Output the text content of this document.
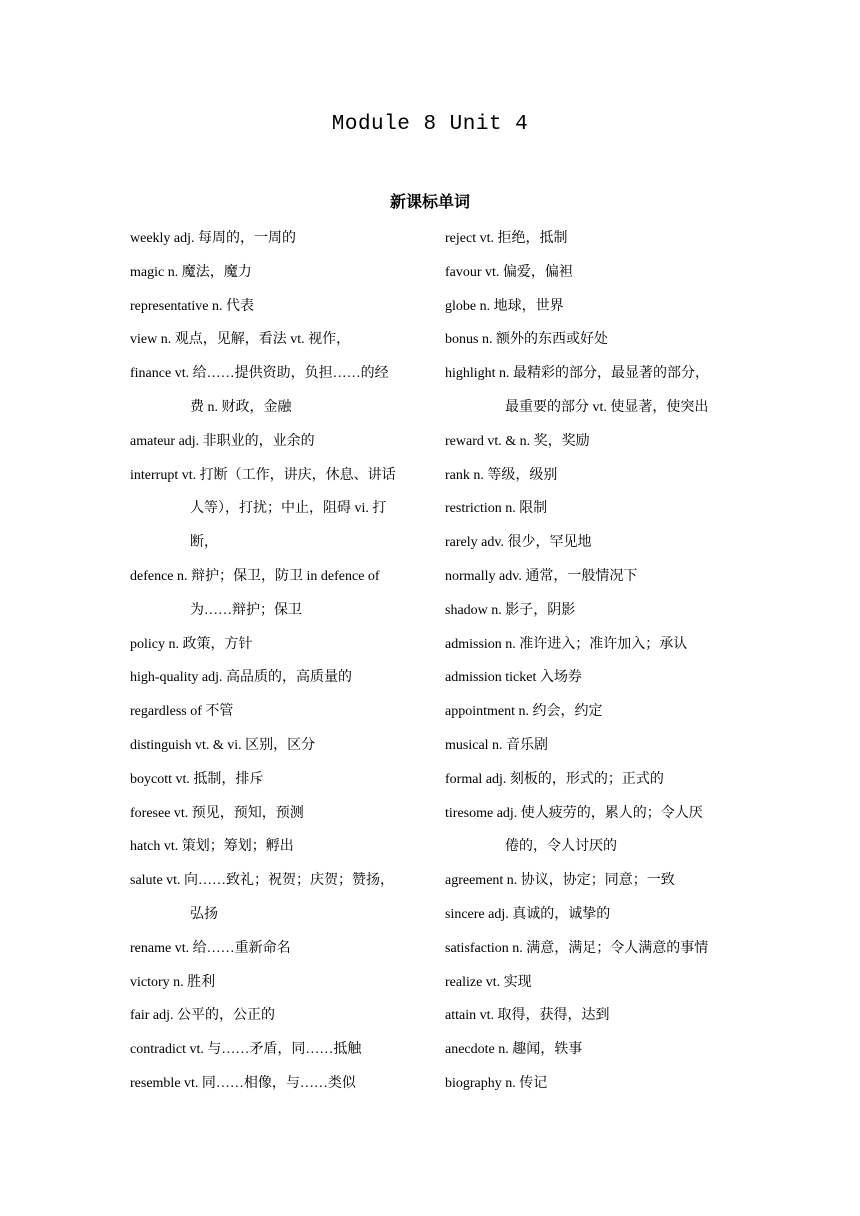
Module 8 Unit 4
新课标单词
weekly adj. 每周的，一周的
magic n. 魔法，魔力
representative n. 代表
view n. 观点，见解，看法 vt. 视作，
finance vt. 给……提供资助，负担……的经
费 n. 财政，金融
amateur adj. 非职业的，业余的
interrupt vt. 打断（工作，讲庆，休息、讲话
人等），打扰；中止，阻碍 vi. 打
断，
defence n. 辩护；保卫，防卫 in defence of
为……辩护；保卫
policy n. 政策，方针
high-quality adj. 高品质的，高质量的
regardless of 不管
distinguish vt. & vi. 区别，区分
boycott vt. 抵制，排斥
foresee vt. 预见，预知，预测
hatch vt. 策划；筹划；孵出
salute vt. 向……致礼；祝贺；庆贺；赞扬，
弘扬
rename vt. 给……重新命名
victory n. 胜利
fair adj. 公平的，公正的
contradict vt. 与……矛盾，同……抵触
resemble vt. 同……相像，与……类似
reject vt. 拒绝，抵制
favour vt. 偏爱，偏袒
globe n. 地球，世界
bonus n. 额外的东西或好处
highlight n. 最精彩的部分，最显著的部分，
最重要的部分 vt. 使显著，使突出
reward vt. & n. 奖，奖励
rank n. 等级，级别
restriction n. 限制
rarely adv. 很少，罕见地
normally adv. 通常，一般情况下
shadow n. 影子，阴影
admission n. 准许进入；准许加入；承认
admission ticket 入场券
appointment n. 约会，约定
musical n. 音乐剧
formal adj. 刻板的，形式的；正式的
tiresome adj. 使人疲劳的，累人的；令人厌
倦的，令人讨厌的
agreement n. 协议，协定；同意；一致
sincere adj. 真诚的，诚挚的
satisfaction n. 满意，满足；令人满意的事情
realize vt. 实现
attain vt. 取得，获得，达到
anecdote n. 趣闻，轶事
biography n. 传记
